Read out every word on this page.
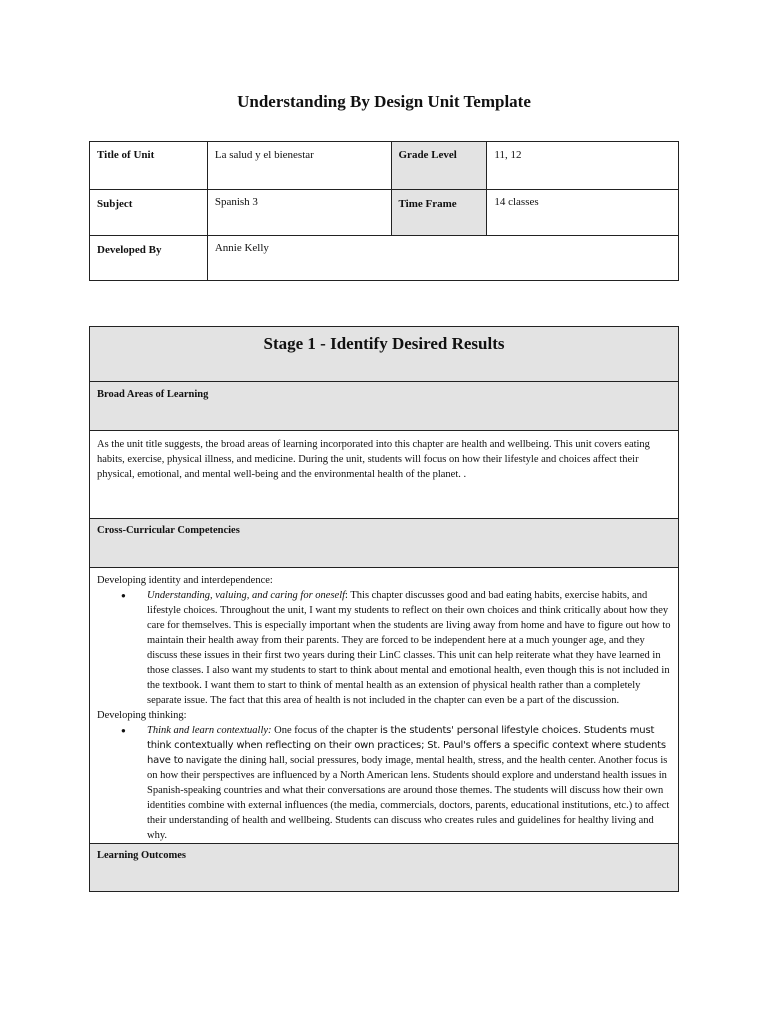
Understanding By Design Unit Template
Title of Unit	La salud y el bienestar	Grade Level	11, 12

Subject	Spanish 3	Time Frame	14 classes

Developed By	Annie Kelly		
Stage 1 - Identify Desired Results

Broad Areas of Learning

As the unit title suggests, the broad areas of learning incorporated into this chapter are health and wellbeing. This unit covers eating habits, exercise, physical illness, and medicine. During the unit, students will focus on how their lifestyle and choices affect their physical, emotional, and mental well-being and the environmental health of the planet. .

Cross-Curricular Competencies

Developing identity and interdependence:
● Understanding, valuing, and caring for oneself: This chapter discusses good and bad eating habits, exercise habits, and lifestyle choices. Throughout the unit, I want my students to reflect on their own choices and think critically about how they care for themselves. This is especially important when the students are living away from home and have to figure out how to maintain their health away from their parents. They are forced to be independent here at a much younger age, and they discuss these issues in their first two years during their LinC classes. This unit can help reiterate what they have learned in those classes. I also want my students to start to think about mental and emotional health, even though this is not included in the textbook. I want them to start to think of mental health as an extension of physical health rather than a completely separate issue. The fact that this area of health is not included in the chapter can even be a part of the discussion.
Developing thinking:
● Think and learn contextually: One focus of the chapter is the students' personal lifestyle choices. Students must think contextually when reflecting on their own practices; St. Paul's offers a specific context where students have to navigate the dining hall, social pressures, body image, mental health, stress, and the health center. Another focus is on how their perspectives are influenced by a North American lens. Students should explore and understand health issues in Spanish-speaking countries and what their conversations are around those themes. The students will discuss how their own identities combine with external influences (the media, commercials, doctors, parents, educational institutions, etc.) to affect their understanding of health and wellbeing. Students can discuss who creates rules and guidelines for healthy living and why.

Learning Outcomes
